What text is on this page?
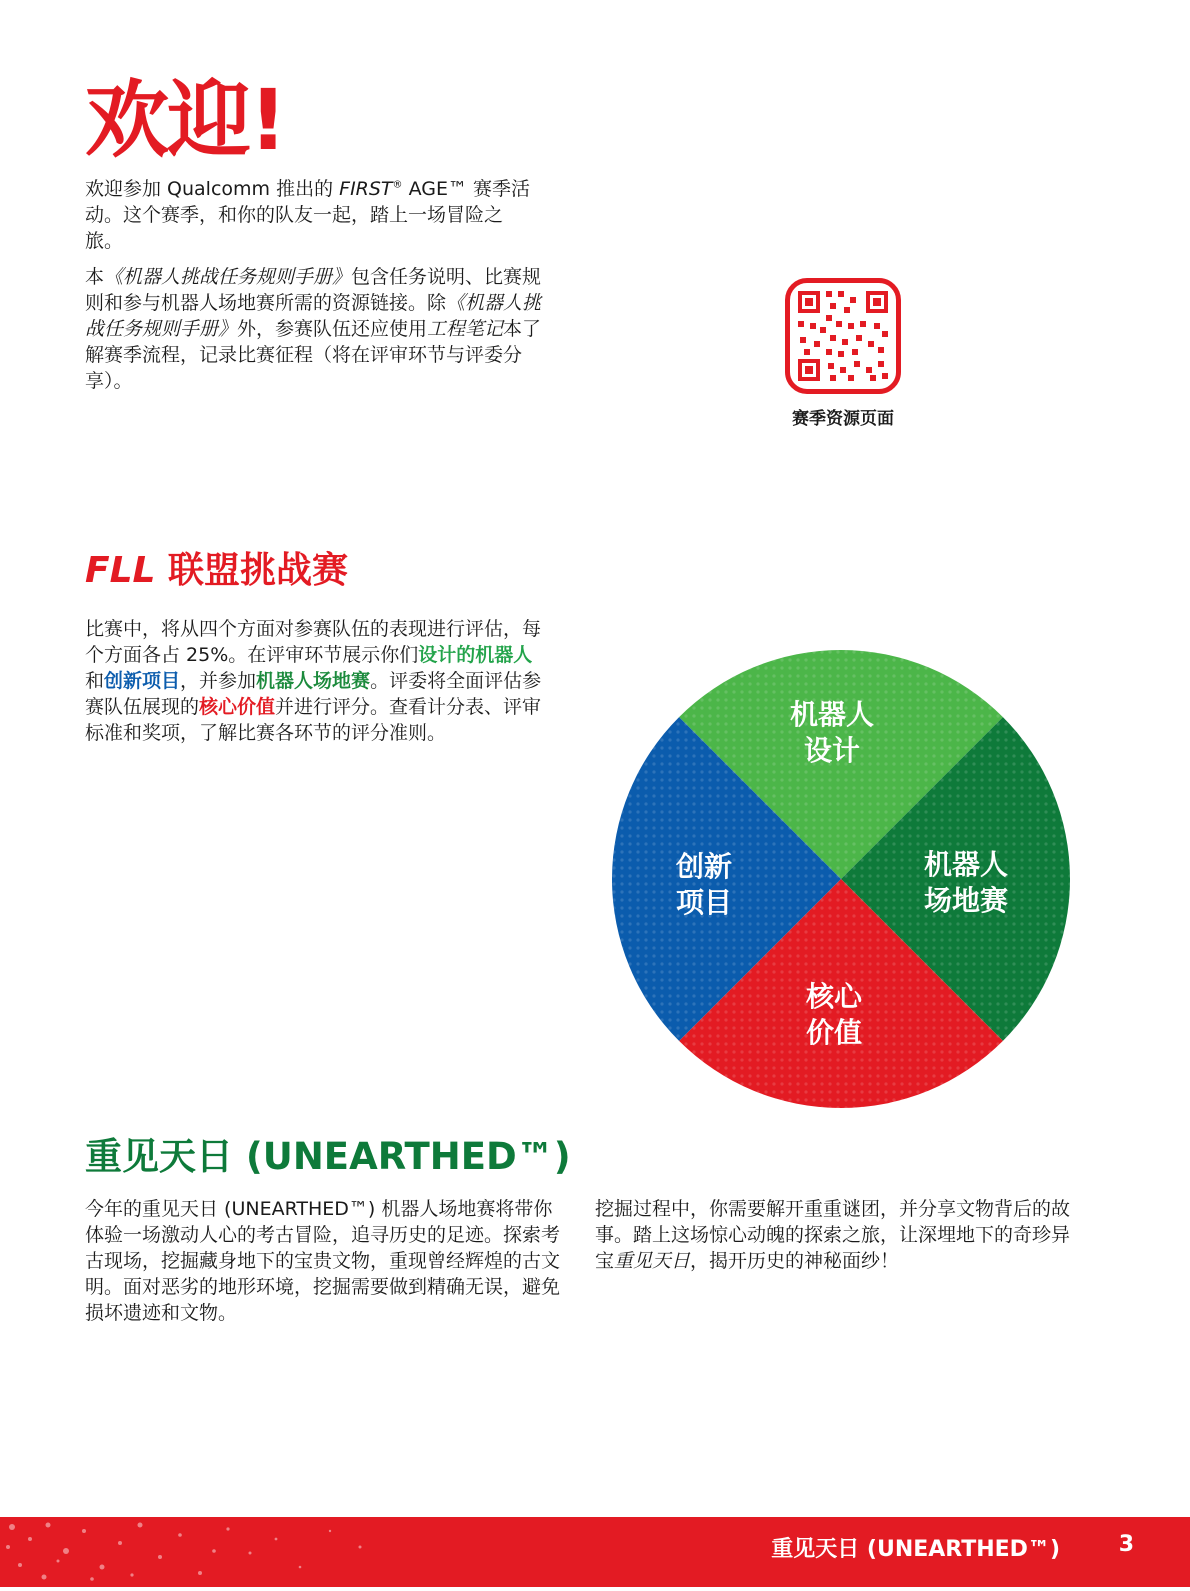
欢迎!
欢迎参加 Qualcomm 推出的 FIRST® AGE™ 赛季活动。这个赛季，和你的队友一起，踏上一场冒险之旅。
本《机器人挑战任务规则手册》包含任务说明、比赛规则和参与机器人场地赛所需的资源链接。除《机器人挑战任务规则手册》外，参赛队伍还应使用工程笔记本了解赛季流程，记录比赛征程（将在评审环节与评委分享）。
赛季资源页面
FLL 联盟挑战赛
比赛中，将从四个方面对参赛队伍的表现进行评估，每个方面各占 25%。在评审环节展示你们设计的机器人和创新项目，并参加机器人场地赛。评委将全面评估参赛队伍展现的核心价值并进行评分。查看计分表、评审标准和奖项，了解比赛各环节的评分准则。
机器人设计
机器人场地赛
核心价值
创新项目
重见天日 (UNEARTHED™)
今年的重见天日 (UNEARTHED™) 机器人场地赛将带你体验一场激动人心的考古冒险，追寻历史的足迹。探索考古现场，挖掘藏身地下的宝贵文物，重现曾经辉煌的古文明。面对恶劣的地形环境，挖掘需要做到精确无误，避免损坏遗迹和文物。
挖掘过程中，你需要解开重重谜团，并分享文物背后的故事。踏上这场惊心动魄的探索之旅，让深埋地下的奇珍异宝重见天日，揭开历史的神秘面纱！
重见天日 (UNEARTHED™)	3
